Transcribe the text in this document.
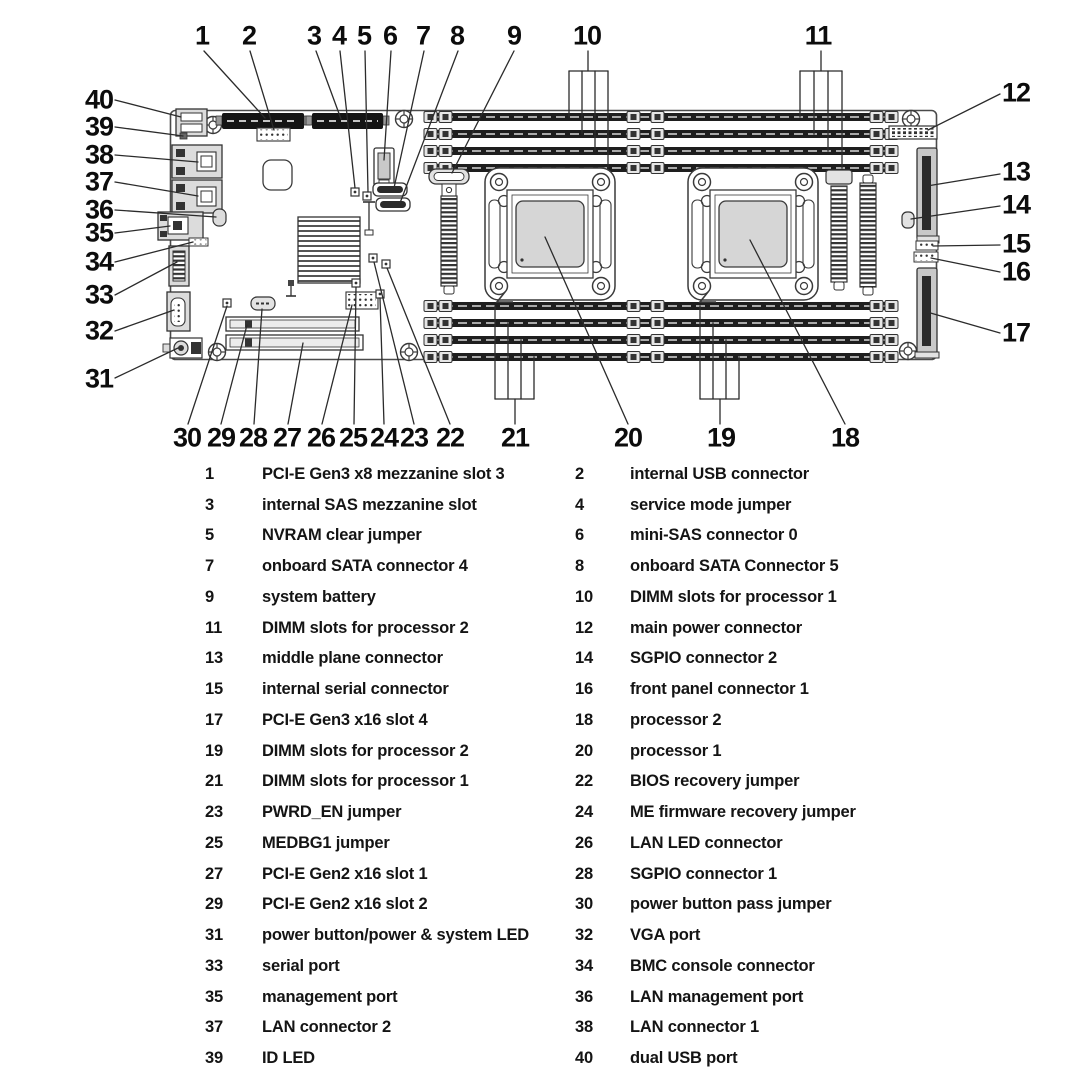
1 2 3 4 5 6 7 8 9 10	11
12
13
14
15
16
17
40
39
38
37
36
35
34
33
32
31
30 29 28 27 26 25 24 23 22 21	20 19	18
1	PCI-E Gen3 x8 mezzanine slot 3	2	internal USB connector
3	internal SAS mezzanine slot	4	service mode jumper
5	NVRAM clear jumper	6	mini-SAS connector 0
7	onboard SATA connector 4	8	onboard SATA Connector 5
9	system battery	10	DIMM slots for processor 1
11	DIMM slots for processor 2	12	main power connector
13	middle plane connector	14	SGPIO connector 2
15	internal serial connector	16	front panel connector 1
17	PCI-E Gen3 x16 slot 4	18	processor 2
19	DIMM slots for processor 2	20	processor 1
21	DIMM slots for processor 1	22	BIOS recovery jumper
23	PWRD_EN jumper	24	ME firmware recovery jumper
25	MEDBG1 jumper	26	LAN LED connector
27	PCI-E Gen2 x16 slot 1	28	SGPIO connector 1
29	PCI-E Gen2 x16 slot 2	30	power button pass jumper
31	power button/power & system LED	32	VGA port
33	serial port	34	BMC console connector
35	management port	36	LAN management port
37	LAN connector 2	38	LAN connector 1
39	ID LED	40	dual USB port
